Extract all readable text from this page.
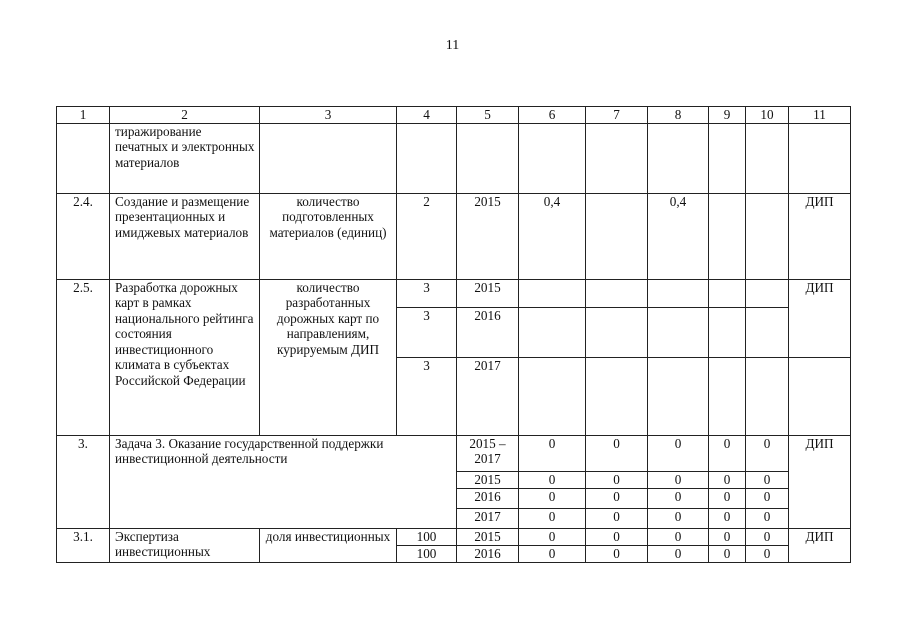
11
1	2	3	4	5	6	7	8	9	10	11
	тиражирование печатных и электронных материалов									
2.4.	Создание и размещение презентационных и имиджевых материалов	количество подготовленных материалов (единиц)	2	2015	0,4		0,4			ДИП
2.5.	Разработка дорожных карт в рамках национального рейтинга состояния инвестиционного климата в субъектах Российской Федерации	количество разработанных дорожных карт по направлениям, курируемым ДИП	3	2015						ДИП
			3	2016						
			3	2017						
3.	Задача 3. Оказание государственной поддержки инвестиционной деятельности			2015 – 2017	0	0	0	0	0	ДИП
				2015	0	0	0	0	0	
				2016	0	0	0	0	0	
				2017	0	0	0	0	0	
3.1.	Экспертиза инвестиционных	доля инвестиционных	100	2015	0	0	0	0	0	ДИП
			100	2016	0	0	0	0	0	
